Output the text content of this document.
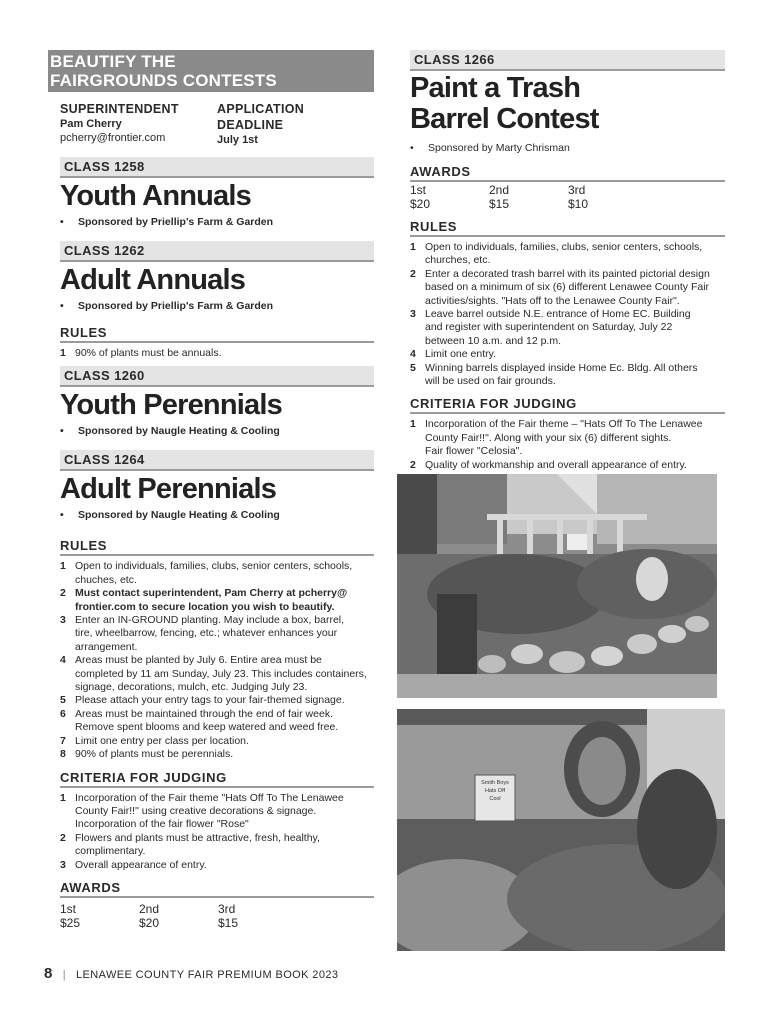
BEAUTIFY THE
FAIRGROUNDS CONTESTS
SUPERINTENDENT
Pam Cherry
pcherry@frontier.com
APPLICATION
DEADLINE
July 1st
CLASS 1258
Youth Annuals
•	Sponsored by Priellip's Farm & Garden
CLASS 1262
Adult Annuals
•	Sponsored by Priellip's Farm & Garden
RULES
1 90% of plants must be annuals.
CLASS 1260
Youth Perennials
•	Sponsored by Naugle Heating & Cooling
CLASS 1264
Adult Perennials
•	Sponsored by Naugle Heating & Cooling
RULES
1 Open to individuals, families, clubs, senior centers, schools,
chuches, etc.
2 Must contact superintendent, Pam Cherry at pcherry@
frontier.com to secure location you wish to beautify.
3 Enter an IN-GROUND planting. May include a box, barrel,
tire, wheelbarrow, fencing, etc.; whatever enhances your
arrangement.
4 Areas must be planted by July 6. Entire area must be
completed by 11 am Sunday, July 23. This includes containers,
signage, decorations, mulch, etc. Judging July 23.
5 Please attach your entry tags to your fair-themed signage.
6 Areas must be maintained through the end of fair week.
Remove spent blooms and keep watered and weed free.
7 Limit one entry per class per location.
8 90% of plants must be perennials.
CRITERIA FOR JUDGING
1 Incorporation of the Fair theme "Hats Off To The Lenawee
County Fair!!" using creative decorations & signage.
Incorporation of the fair flower "Rose"
2 Flowers and plants must be attractive, fresh, healthy,
complimentary.
3 Overall appearance of entry.
AWARDS
1st
$25
2nd
$20
3rd
$15
CLASS 1266
Paint a Trash
Barrel Contest
•	Sponsored by Marty Chrisman
AWARDS
1st
$20
2nd
$15
3rd
$10
RULES
1 Open to individuals, families, clubs, senior centers, schools,
churches, etc.
2 Enter a decorated trash barrel with its painted pictorial design
based on a minimum of six (6) different Lenawee County Fair
activities/sights. "Hats off to the Lenawee County Fair".
3 Leave barrel outside N.E. entrance of Home EC. Building
and register with superintendent on Saturday, July 22
between 10 a.m. and 12 p.m.
4 Limit one entry.
5 Winning barrels displayed inside Home Ec. Bldg. All others
will be used on fair grounds.
CRITERIA FOR JUDGING
1 Incorporation of the Fair theme – "Hats Off To The Lenawee
County Fair!!". Along with your six (6) different sights.
Fair flower "Celosia".
2 Quality of workmanship and overall appearance of entry.
Smith Boys
Hats Off
Cool
8 | LENAWEE COUNTY FAIR PREMIUM BOOK 2023
